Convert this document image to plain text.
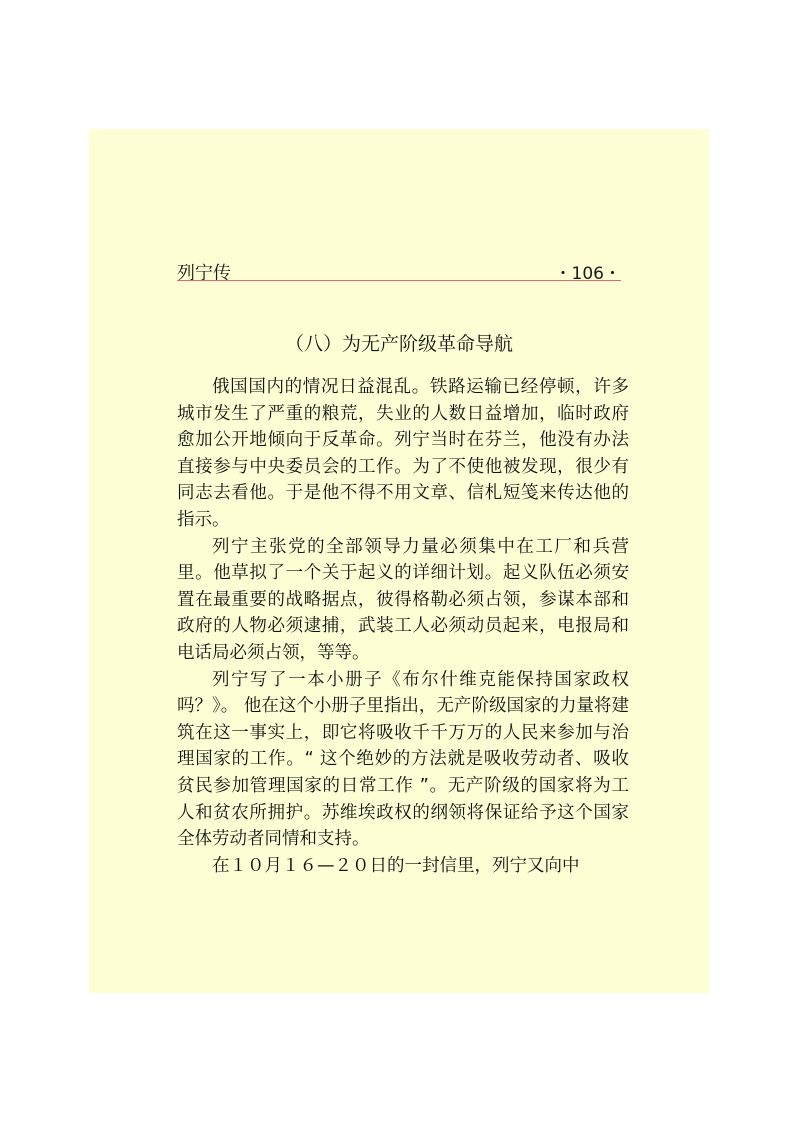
列宁传	・106・
（八）为无产阶级革命导航

俄国国内的情况日益混乱。铁路运输已经停顿，许多城市发生了严重的粮荒，失业的人数日益增加，临时政府愈加公开地倾向于反革命。列宁当时在芬兰，他没有办法直接参与中央委员会的工作。为了不使他被发现，很少有同志去看他。于是他不得不用文章、信札短笺来传达他的指示。

列宁主张党的全部领导力量必须集中在工厂和兵营里。他草拟了一个关于起义的详细计划。起义队伍必须安置在最重要的战略据点，彼得格勒必须占领，参谋本部和政府的人物必须逮捕，武装工人必须动员起来，电报局和电话局必须占领，等等。

列宁写了一本小册子《布尔什维克能保持国家政权吗？》。 他在这个小册子里指出，无产阶级国家的力量将建筑在这一事实上，即它将吸收千千万万的人民来参加与治理国家的工作。“ 这个绝妙的方法就是吸收劳动者、吸收贫民参加管理国家的日常工作 ”。无产阶级的国家将为工人和贫农所拥护。苏维埃政权的纲领将保证给予这个国家全体劳动者同情和支持。

在１０月１６—２０日的一封信里，列宁又向中
